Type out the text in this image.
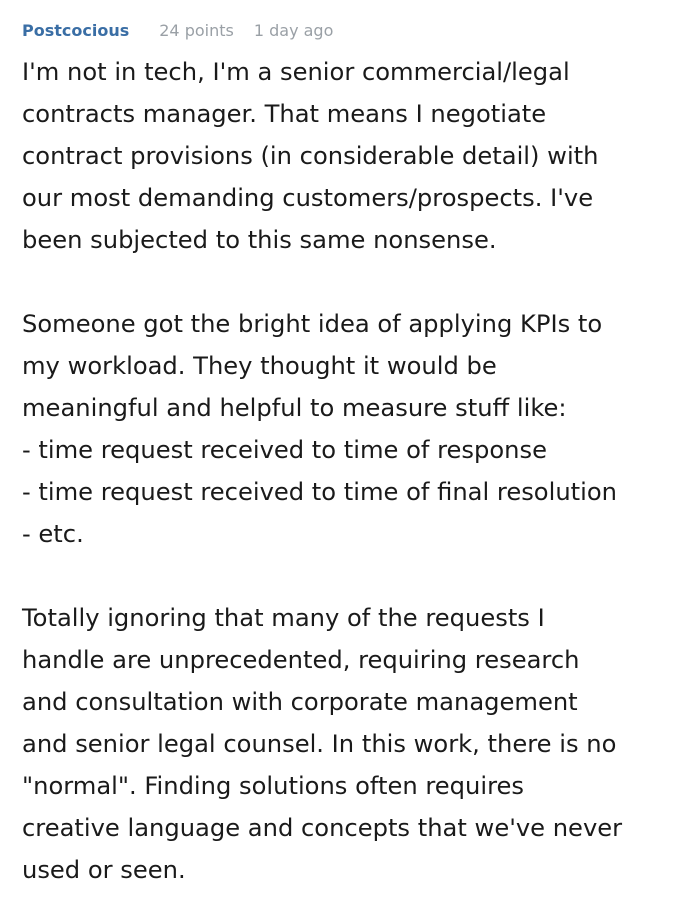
Postcocious 24 points 1 day ago

I'm not in tech, I'm a senior commercial/legal
contracts manager. That means I negotiate
contract provisions (in considerable detail) with
our most demanding customers/prospects. I've
been subjected to this same nonsense.

Someone got the bright idea of applying KPIs to
my workload. They thought it would be
meaningful and helpful to measure stuff like:
- time request received to time of response
- time request received to time of final resolution
- etc.

Totally ignoring that many of the requests I
handle are unprecedented, requiring research
and consultation with corporate management
and senior legal counsel. In this work, there is no
"normal". Finding solutions often requires
creative language and concepts that we've never
used or seen.
